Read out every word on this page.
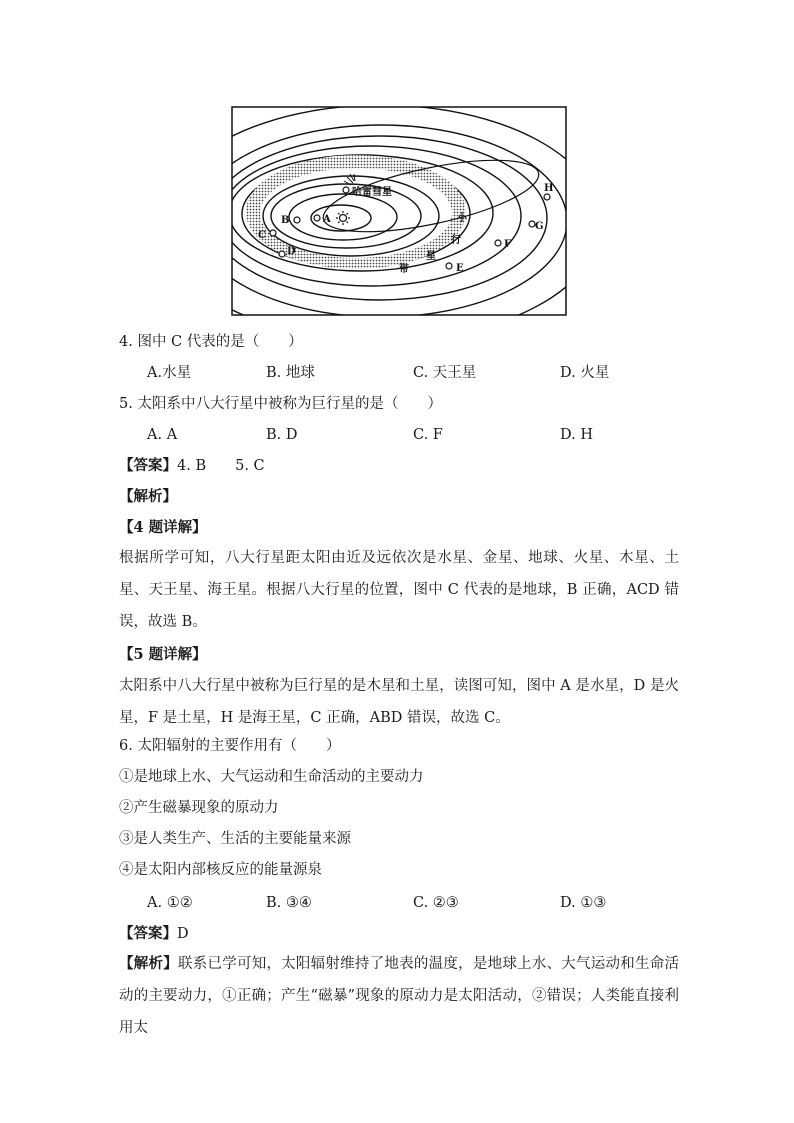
A
B
C
D
E
F
G
H
哈雷彗星
小
行
星
带
4. 图中 C 代表的是（　　）
A.水星	B. 地球	C. 天王星	D. 火星
5. 太阳系中八大行星中被称为巨行星的是（　　）
A. A	B. D	C. F	D. H
【答案】4. B　　5. C
【解析】
【4 题详解】
根据所学可知，八大行星距太阳由近及远依次是水星、金星、地球、火星、木星、土星、天王星、海王星。根据八大行星的位置，图中 C 代表的是地球，B 正确，ACD 错误，故选 B。
【5 题详解】
太阳系中八大行星中被称为巨行星的是木星和土星，读图可知，图中 A 是水星，D 是火星，F 是土星，H 是海王星，C 正确，ABD 错误，故选 C。
6. 太阳辐射的主要作用有（　　）
①是地球上水、大气运动和生命活动的主要动力
②产生磁暴现象的原动力
③是人类生产、生活的主要能量来源
④是太阳内部核反应的能量源泉
A. ①②	B. ③④	C. ②③	D. ①③
【答案】D
【解析】联系已学可知，太阳辐射维持了地表的温度，是地球上水、大气运动和生命活动的主要动力，①正确；产生“磁暴”现象的原动力是太阳活动，②错误；人类能直接利用太
